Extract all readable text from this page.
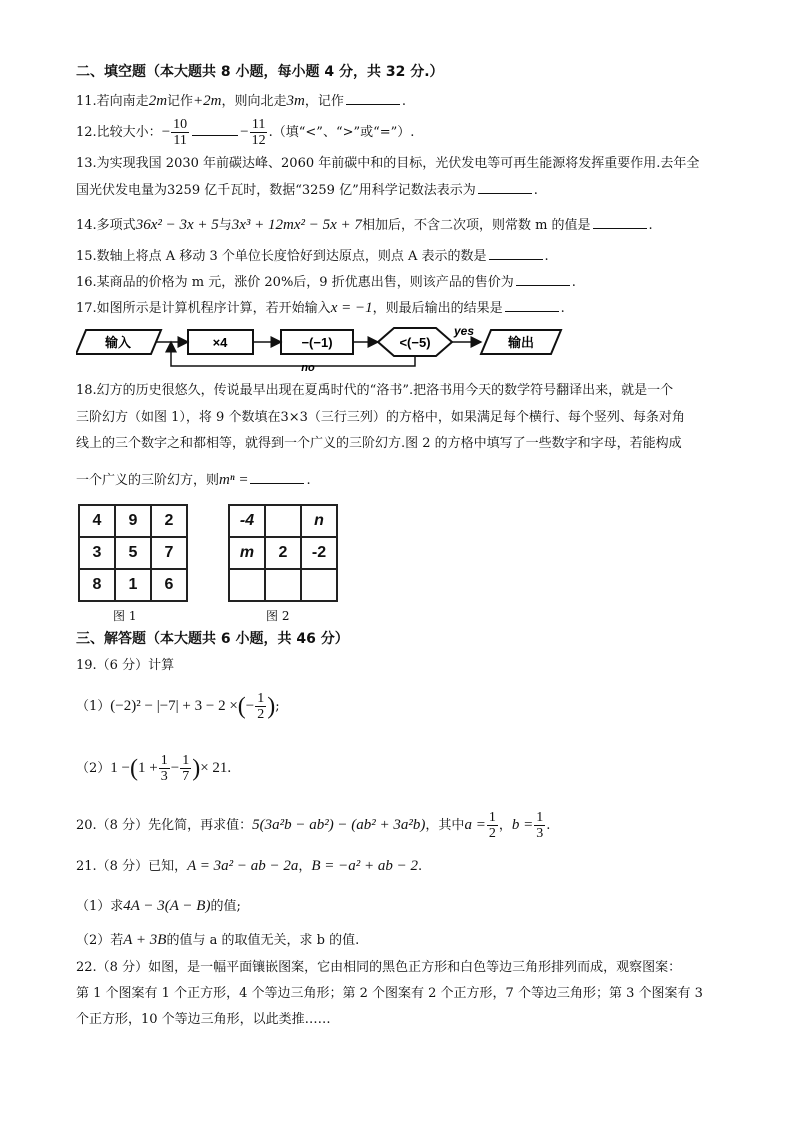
二、填空题（本大题共 8 小题，每小题 4 分，共 32 分.）
11.若向南走2m记作+2m，则向北走3m，记作	.
12.比较大小：− $\frac{10}{11}$	− $\frac{11}{12}$ .（填“<”、“>”或“=”）.
13.为实现我国 2030 年前碳达峰、2060 年前碳中和的目标，光伏发电等可再生能源将发挥重要作用.去年全
国光伏发电量为3259 亿千瓦时，数据“3259 亿”用科学记数法表示为	.
14.多项式36x² − 3x + 5与3x³ + 12mx² − 5x + 7相加后，不含二次项，则常数 m 的值是	.
15.数轴上将点 A 移动 3 个单位长度恰好到达原点，则点 A 表示的数是	.
16.某商品的价格为 m 元，涨价 20%后，9 折优惠出售，则该产品的售价为	.
17.如图所示是计算机程序计算，若开始输入x = −1，则最后输出的结果是	.
输入	×4	−(−1)	<(−5)
yes
输出
no
18.幻方的历史很悠久，传说最早出现在夏禹时代的“洛书”.把洛书用今天的数学符号翻译出来，就是一个
三阶幻方（如图 1），将 9 个数填在3×3（三行三列）的方格中，如果满足每个横行、每个竖列、每条对角
线上的三个数字之和都相等，就得到一个广义的三阶幻方.图 2 的方格中填写了一些数字和字母，若能构成
一个广义的三阶幻方，则mⁿ =	.
4	9	2
3	5	7
8	1	6
图 1
-4		n
m	2	-2

图 2
三、解答题（本大题共 6 小题，共 46 分）
19.（6 分）计算
（1）(−2)² − |−7| + 3 − 2 ×(− $\frac{1}{2}$ );
$(2)1 -(1 + \frac{1}{3} - \frac{1}{7}$ )× 21.
20.（8 分）先化简，再求值：5(3a²b − ab²) − (ab² + 3a²b)，其中$a = \frac{1}{2}$ ，$b = \frac{1}{3}$ .
21.（8 分）已知，A = 3a² − ab − 2a，B = −a² + ab − 2.
（1）求4A − 3(A − B)的值;
（2）若A + 3B的值与 a 的取值无关，求 b 的值.
22.（8 分）如图，是一幅平面镶嵌图案，它由相同的黑色正方形和白色等边三角形排列而成，观察图案：
第 1 个图案有 1 个正方形，4 个等边三角形；第 2 个图案有 2 个正方形，7 个等边三角形；第 3 个图案有 3
个正方形，10 个等边三角形，以此类推……
